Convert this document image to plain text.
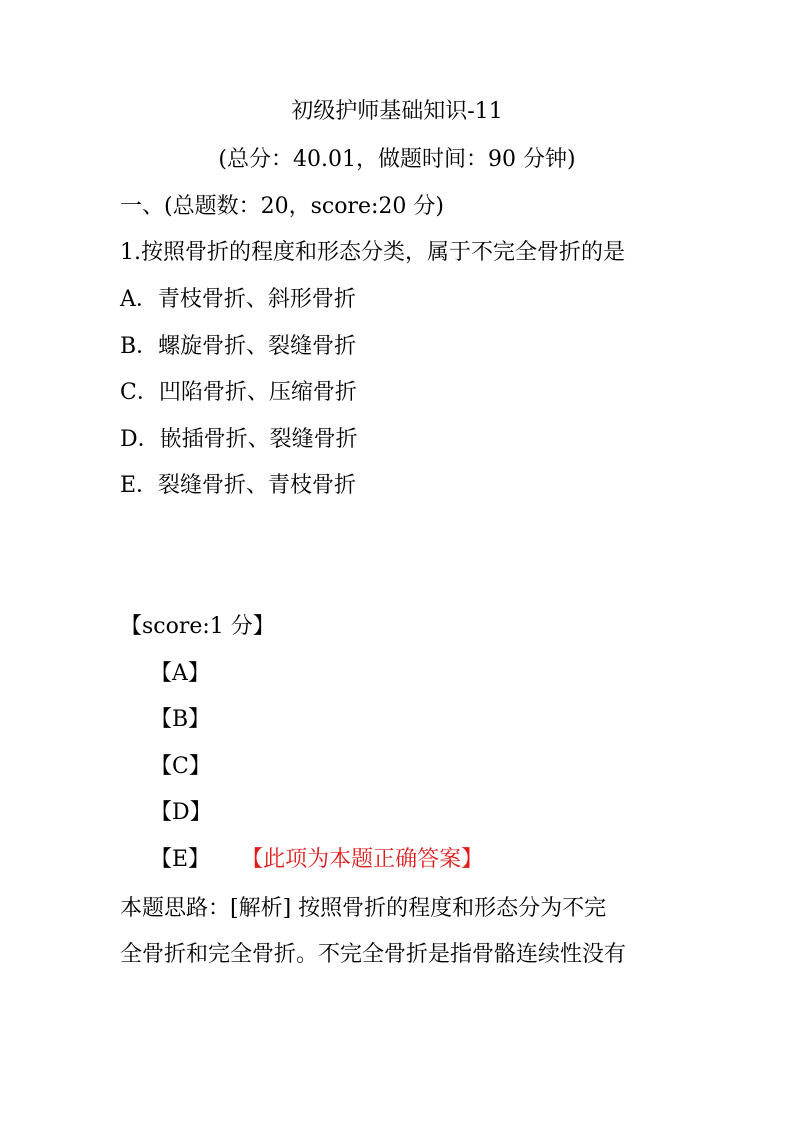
初级护师基础知识-11
(总分：40.01，做题时间：90 分钟)
一、(总题数：20，score:20 分)
1.按照骨折的程度和形态分类，属于不完全骨折的是
A．青枝骨折、斜形骨折
B．螺旋骨折、裂缝骨折
C．凹陷骨折、压缩骨折
D．嵌插骨折、裂缝骨折
E．裂缝骨折、青枝骨折
【score:1 分】
【A】
【B】
【C】
【D】
【E】 【此项为本题正确答案】
本题思路：[解析] 按照骨折的程度和形态分为不完
全骨折和完全骨折。不完全骨折是指骨骼连续性没有
